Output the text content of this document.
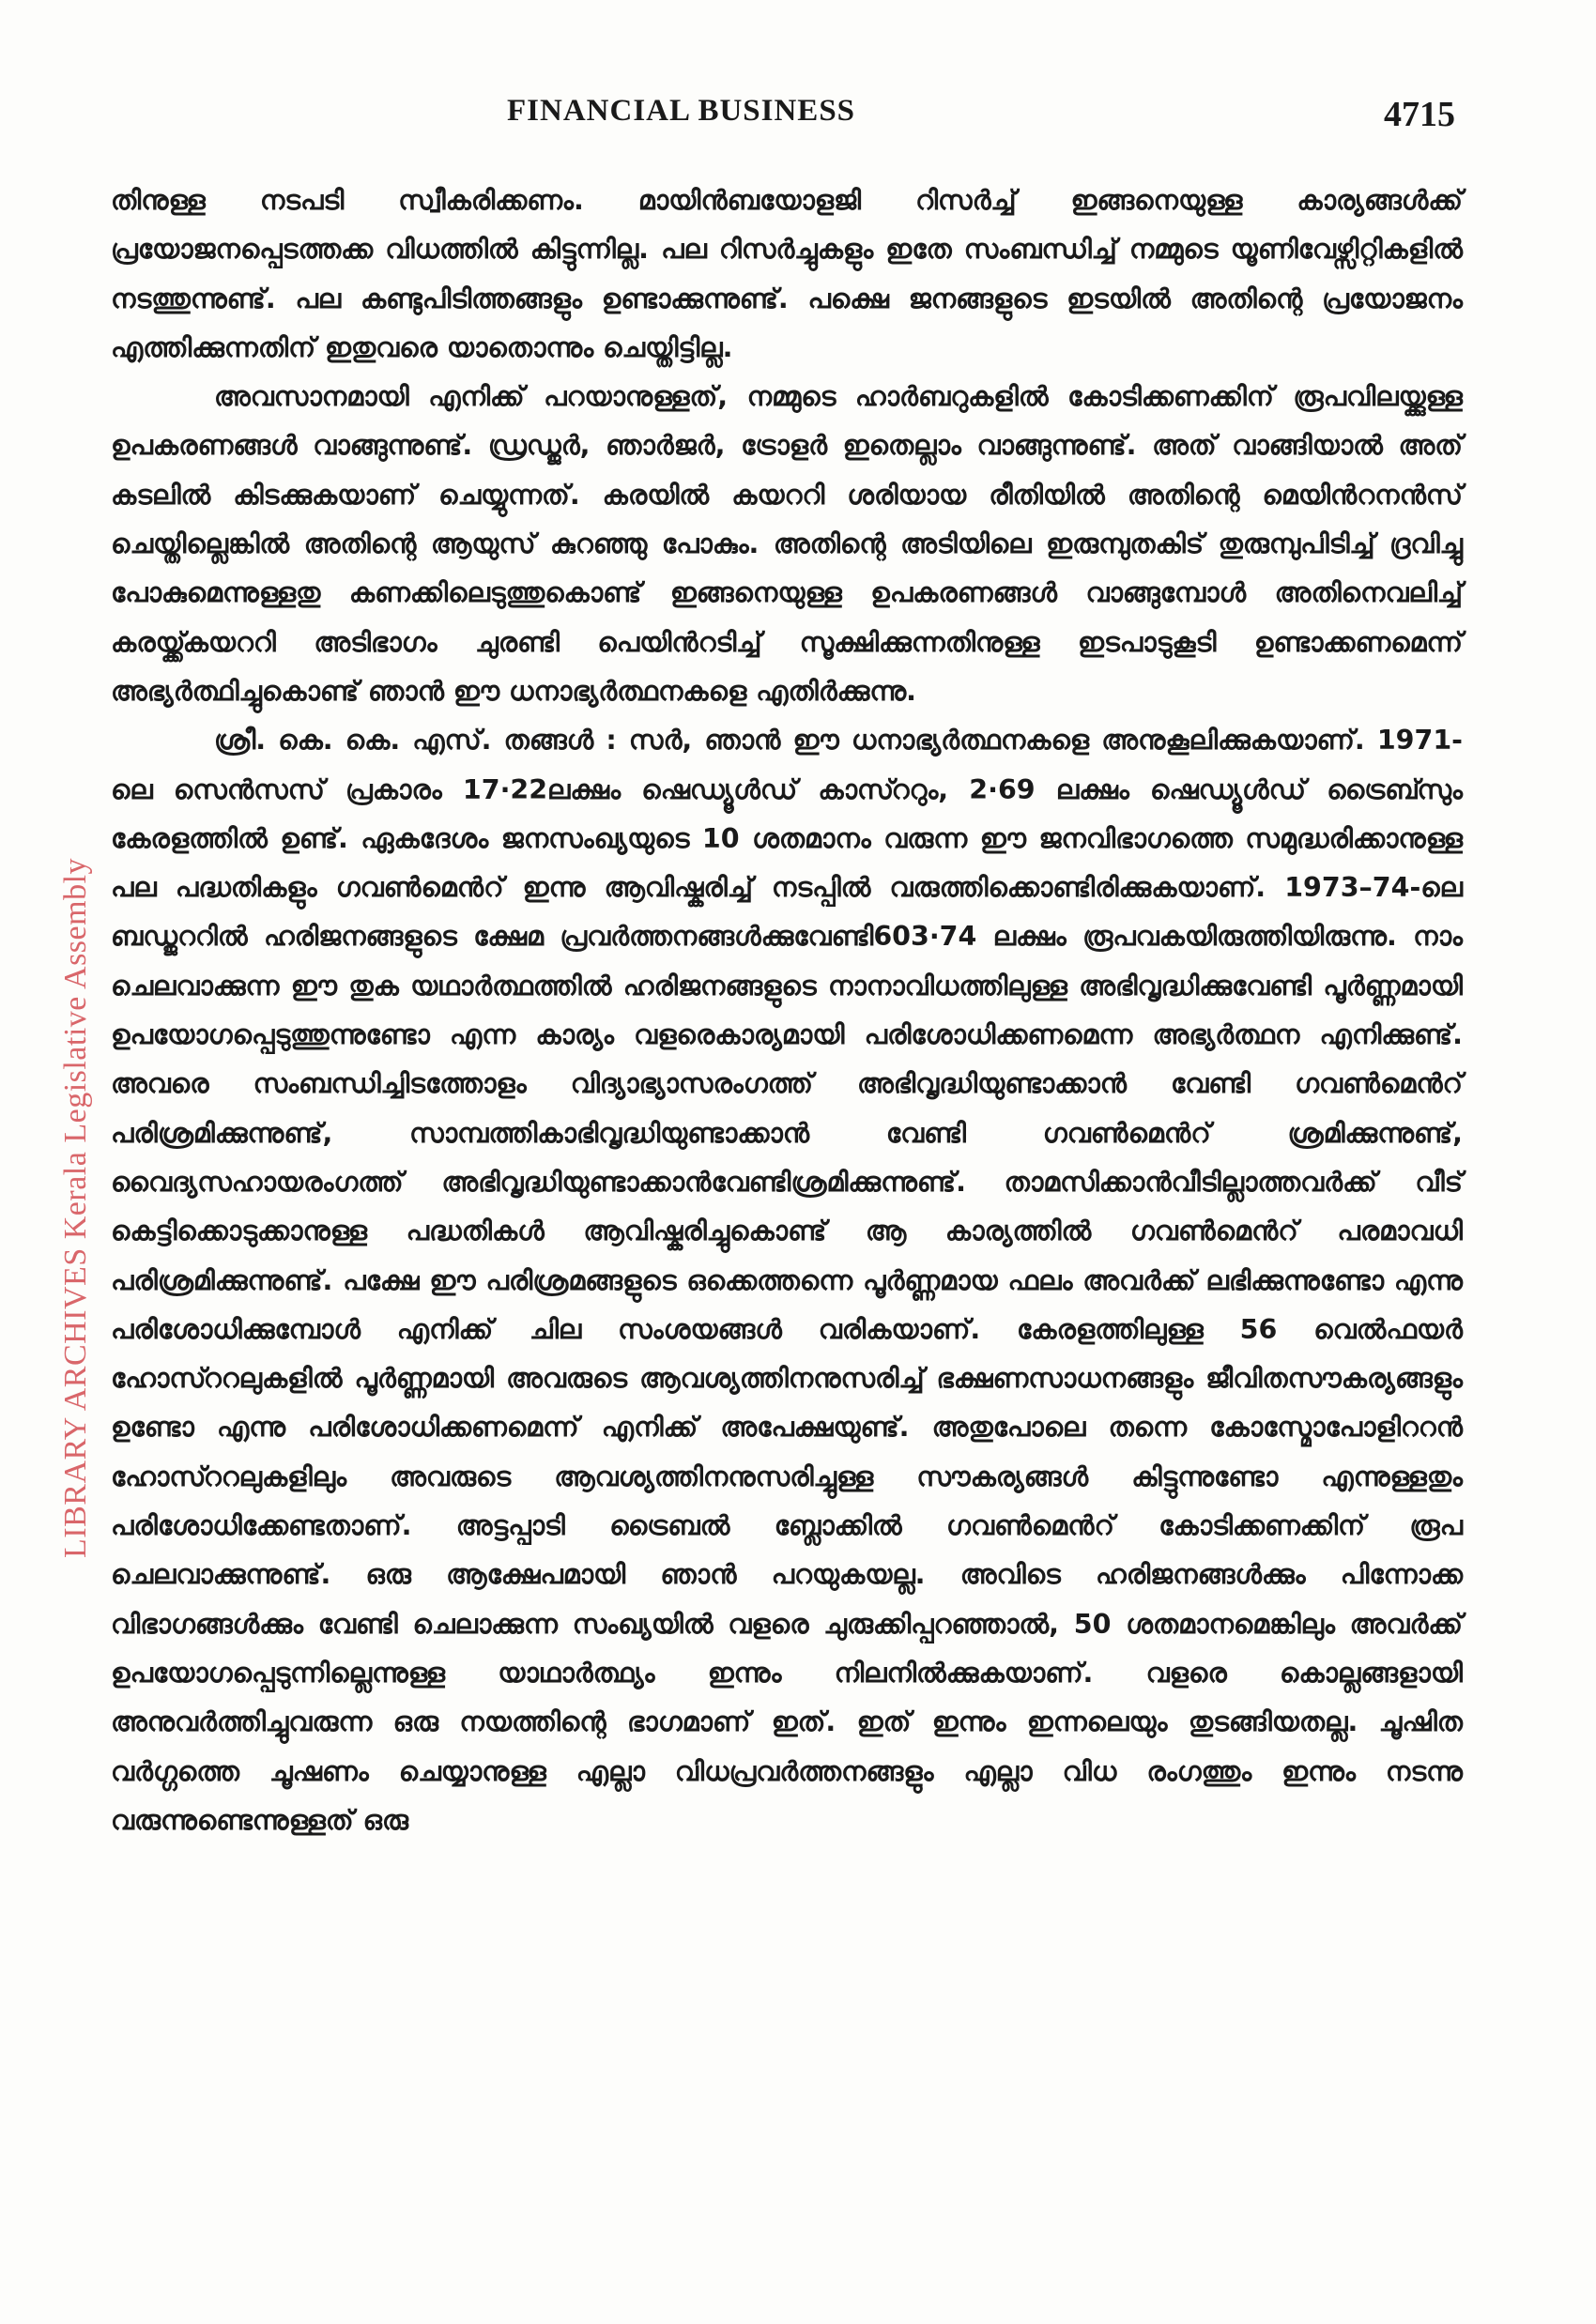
FINANCIAL BUSINESS	4715
LIBRARY ARCHIVES Kerala Legislative Assembly

തിനുള്ള നടപടി സ്വീകരിക്കണം. മായിൻബയോളജി റിസർച്ച് ഇങ്ങനെയുള്ള കാര്യങ്ങൾക്ക് പ്രയോജനപ്പെടത്തക്ക വിധത്തിൽ കിട്ടുന്നില്ല. പല റിസർച്ചുകളും ഇതേ സംബന്ധിച്ച് നമ്മുടെ യൂണിവേഴ്സിറ്റികളിൽ നടത്തുന്നുണ്ട്. പല കണ്ടുപിടിത്തങ്ങളും ഉണ്ടാക്കുന്നുണ്ട്. പക്ഷെ ജനങ്ങളുടെ ഇടയിൽ അതിന്റെ പ്രയോജനം എത്തിക്കുന്നതിന് ഇതുവരെ യാതൊന്നും ചെയ്തിട്ടില്ല.

അവസാനമായി എനിക്ക് പറയാനുള്ളത്, നമ്മുടെ ഹാർബറുകളിൽ കോടിക്കണക്കിന് രൂപവിലയ്ക്കുള്ള ഉപകരണങ്ങൾ വാങ്ങുന്നുണ്ട്. ഡ്രഡ്ജർ, ഞാർജർ, ട്രോളർ ഇതെല്ലാം വാങ്ങുന്നുണ്ട്. അത് വാങ്ങിയാൽ അത് കടലിൽ കിടക്കുകയാണ് ചെയ്യുന്നത്. കരയിൽ കയററി ശരിയായ രീതിയിൽ അതിന്റെ മെയിൻറനൻസ് ചെയ്തില്ലെങ്കിൽ അതിന്റെ ആയുസ് കുറഞ്ഞു പോകും. അതിന്റെ അടിയിലെ ഇരുമ്പുതകിട് തുരുമ്പുപിടിച്ച് ദ്രവിച്ചു പോകുമെന്നുള്ളതു കണക്കിലെടുത്തുകൊണ്ട് ഇങ്ങനെയുള്ള ഉപകരണങ്ങൾ വാങ്ങുമ്പോൾ അതിനെവലിച്ച് കരയ്ക്ക്കയററി അടിഭാഗം ചുരണ്ടി പെയിൻറടിച്ച് സൂക്ഷിക്കുന്നതിനുള്ള ഇടപാടുകൂടി ഉണ്ടാക്കണമെന്ന് അഭ്യർത്ഥിച്ചുകൊണ്ട് ഞാൻ ഈ ധനാഭ്യർത്ഥനകളെ എതിർക്കുന്നു.

ശ്രീ. കെ. കെ. എസ്. തങ്ങൾ : സർ, ഞാൻ ഈ ധനാഭ്യർത്ഥനകളെ അനുകൂലിക്കുകയാണ്. 1971-ലെ സെൻസസ് പ്രകാരം 17·22ലക്ഷം ഷെഡ്യൂൾഡ് കാസ്ററും, 2·69 ലക്ഷം ഷെഡ്യൂൾഡ് ട്രൈബ്സും കേരളത്തിൽ ഉണ്ട്. ഏകദേശം ജനസംഖ്യയുടെ 10 ശതമാനം വരുന്ന ഈ ജനവിഭാഗത്തെ സമുദ്ധരിക്കാനുള്ള പല പദ്ധതികളും ഗവൺമെൻറ് ഇന്നു ആവിഷ്കരിച്ച് നടപ്പിൽ വരുത്തിക്കൊണ്ടിരിക്കുകയാണ്. 1973–74-ലെ ബഡ്ജററിൽ ഹരിജനങ്ങളുടെ ക്ഷേമ പ്രവർത്തനങ്ങൾക്കുവേണ്ടി603·74 ലക്ഷം രൂപവകയിരുത്തിയിരുന്നു. നാം ചെലവാക്കുന്ന ഈ തുക യഥാർത്ഥത്തിൽ ഹരിജനങ്ങളുടെ നാനാവിധത്തിലുള്ള അഭിവൃദ്ധിക്കുവേണ്ടി പൂർണ്ണമായി ഉപയോഗപ്പെടുത്തുന്നുണ്ടോ എന്ന കാര്യം വളരെകാര്യമായി പരിശോധിക്കണമെന്ന അഭ്യർത്ഥന എനിക്കുണ്ട്. അവരെ സംബന്ധിച്ചിടത്തോളം വിദ്യാഭ്യാസരംഗത്ത് അഭിവൃദ്ധിയുണ്ടാക്കാൻ വേണ്ടി ഗവൺമെൻറ് പരിശ്രമിക്കുന്നുണ്ട്, സാമ്പത്തികാഭിവൃദ്ധിയുണ്ടാക്കാൻ വേണ്ടി ഗവൺമെൻറ് ശ്രമിക്കുന്നുണ്ട്, വൈദ്യസഹായരംഗത്ത് അഭിവൃദ്ധിയുണ്ടാക്കാൻവേണ്ടിശ്രമിക്കുന്നുണ്ട്. താമസിക്കാൻവീടില്ലാത്തവർക്ക് വീട് കെട്ടിക്കൊടുക്കാനുള്ള പദ്ധതികൾ ആവിഷ്കരിച്ചുകൊണ്ട് ആ കാര്യത്തിൽ ഗവൺമെൻറ് പരമാവധി പരിശ്രമിക്കുന്നുണ്ട്. പക്ഷേ ഈ പരിശ്രമങ്ങളുടെ ഒക്കെത്തന്നെ പൂർണ്ണമായ ഫലം അവർക്ക് ലഭിക്കുന്നുണ്ടോ എന്നു പരിശോധിക്കുമ്പോൾ എനിക്ക് ചില സംശയങ്ങൾ വരികയാണ്. കേരളത്തിലുള്ള 56 വെൽഫയർ ഹോസ്ററലുകളിൽ പൂർണ്ണമായി അവരുടെ ആവശ്യത്തിനനുസരിച്ച് ഭക്ഷണസാധനങ്ങളും ജീവിതസൗകര്യങ്ങളും ഉണ്ടോ എന്നു പരിശോധിക്കണമെന്ന് എനിക്ക് അപേക്ഷയുണ്ട്. അതുപോലെ തന്നെ കോസ്മോപോളിററൻ ഹോസ്ററലുകളിലും അവരുടെ ആവശ്യത്തിനനുസരിച്ചുള്ള സൗകര്യങ്ങൾ കിട്ടുന്നുണ്ടോ എന്നുള്ളതും പരിശോധിക്കേണ്ടതാണ്. അട്ടപ്പാടി ട്രൈബൽ ബ്ലോക്കിൽ ഗവൺമെൻറ് കോടിക്കണക്കിന് രൂപ ചെലവാക്കുന്നുണ്ട്. ഒരു ആക്ഷേപമായി ഞാൻ പറയുകയല്ല. അവിടെ ഹരിജനങ്ങൾക്കും പിന്നോക്ക വിഭാഗങ്ങൾക്കും വേണ്ടി ചെലാക്കുന്ന സംഖ്യയിൽ വളരെ ചുരുക്കിപ്പറഞ്ഞാൽ, 50 ശതമാനമെങ്കിലും അവർക്ക് ഉപയോഗപ്പെടുന്നില്ലെന്നുള്ള യാഥാർത്ഥ്യം ഇന്നും നിലനിൽക്കുകയാണ്. വളരെ കൊല്ലങ്ങളായി അനുവർത്തിച്ചുവരുന്ന ഒരു നയത്തിന്റെ ഭാഗമാണ് ഇത്. ഇത് ഇന്നും ഇന്നലെയും തുടങ്ങിയതല്ല. ചൂഷിത വർഗ്ഗത്തെ ചൂഷണം ചെയ്യാനുള്ള എല്ലാ വിധപ്രവർത്തനങ്ങളും എല്ലാ വിധ രംഗത്തും ഇന്നും നടന്നു വരുന്നുണ്ടെന്നുള്ളത് ഒരു
